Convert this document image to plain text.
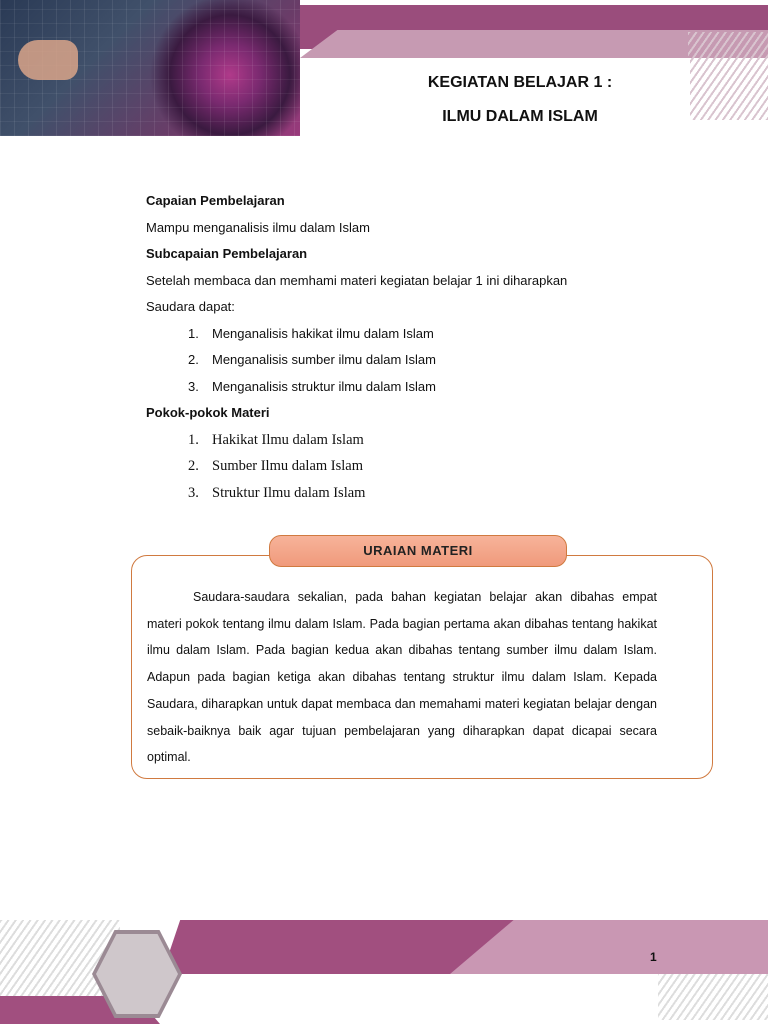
KEGIATAN BELAJAR 1 :
ILMU DALAM ISLAM
Capaian Pembelajaran
Mampu menganalisis ilmu dalam Islam
Subcapaian Pembelajaran
Setelah membaca dan memhami materi kegiatan belajar 1 ini diharapkan
Saudara dapat:
1. Menganalisis hakikat ilmu dalam Islam
2. Menganalisis sumber ilmu dalam Islam
3. Menganalisis struktur ilmu dalam Islam
Pokok-pokok Materi
1. Hakikat Ilmu dalam Islam
2. Sumber Ilmu dalam Islam
3. Struktur Ilmu dalam Islam
URAIAN MATERI
Saudara-saudara sekalian, pada bahan kegiatan belajar akan dibahas empat materi pokok tentang ilmu dalam Islam. Pada bagian pertama akan dibahas tentang hakikat ilmu dalam Islam. Pada bagian kedua akan dibahas tentang sumber ilmu dalam Islam. Adapun pada bagian ketiga akan dibahas tentang struktur ilmu dalam Islam. Kepada Saudara, diharapkan untuk dapat membaca dan memahami materi kegiatan belajar dengan sebaik-baiknya baik agar tujuan pembelajaran yang diharapkan dapat dicapai secara optimal.
1
